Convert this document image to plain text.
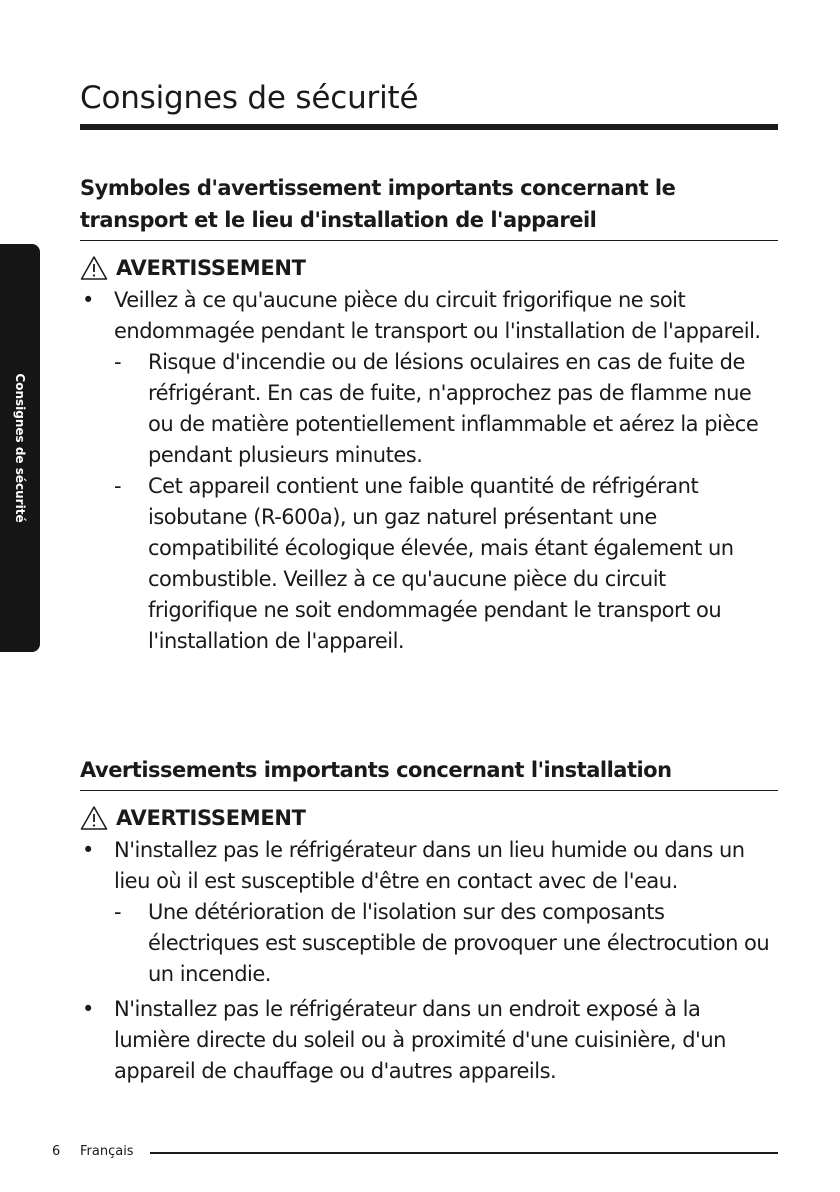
Consignes de sécurité
Consignes de sécurité
Symboles d'avertissement importants concernant le
transport et le lieu d'installation de l'appareil
AVERTISSEMENT
• Veillez à ce qu'aucune pièce du circuit frigorifique ne soit endommagée pendant le transport ou l'installation de l'appareil.
- Risque d'incendie ou de lésions oculaires en cas de fuite de réfrigérant. En cas de fuite, n'approchez pas de flamme nue ou de matière potentiellement inflammable et aérez la pièce pendant plusieurs minutes.
- Cet appareil contient une faible quantité de réfrigérant isobutane (R-600a), un gaz naturel présentant une compatibilité écologique élevée, mais étant également un combustible. Veillez à ce qu'aucune pièce du circuit frigorifique ne soit endommagée pendant le transport ou l'installation de l'appareil.
Avertissements importants concernant l'installation
AVERTISSEMENT
• N'installez pas le réfrigérateur dans un lieu humide ou dans un lieu où il est susceptible d'être en contact avec de l'eau.
- Une détérioration de l'isolation sur des composants électriques est susceptible de provoquer une électrocution ou un incendie.
• N'installez pas le réfrigérateur dans un endroit exposé à la lumière directe du soleil ou à proximité d'une cuisinière, d'un appareil de chauffage ou d'autres appareils.
6 Français
